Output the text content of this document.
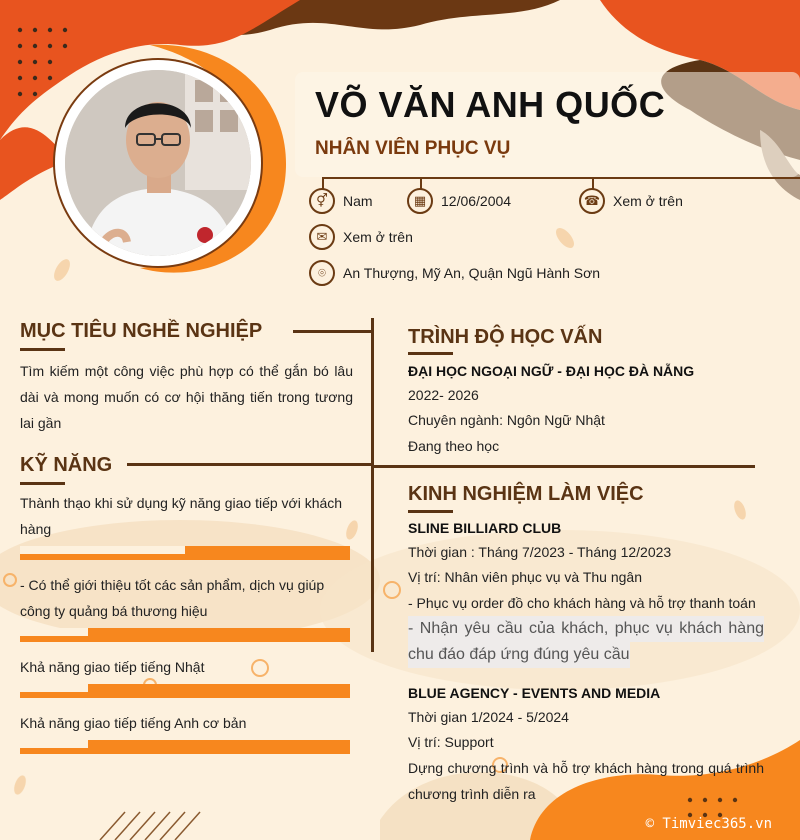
VÕ VĂN ANH QUỐC
NHÂN VIÊN PHỤC VỤ
⚥	Nam	▦	12/06/2004	☎ Xem ở trên
✉	Xem ở trên
⌾	An Thượng, Mỹ An, Quận Ngũ Hành Sơn
MỤC TIÊU NGHỀ NGHIỆP
Tìm kiếm một công việc phù hợp có thể gắn bó lâu dài và mong muốn có cơ hội thăng tiến trong tương lai gần
KỸ NĂNG
Thành thạo khi sử dụng kỹ năng giao tiếp với khách
hàng
- Có thể giới thiệu tốt các sản phẩm, dịch vụ giúp
công ty quảng bá thương hiệu
Khả năng giao tiếp tiếng Nhật
Khả năng giao tiếp tiếng Anh cơ bản
TRÌNH ĐỘ HỌC VẤN
ĐẠI HỌC NGOẠI NGỮ - ĐẠI HỌC ĐÀ NẴNG
2022- 2026
Chuyên ngành: Ngôn Ngữ Nhật
Đang theo học
KINH NGHIỆM LÀM VIỆC
SLINE BILLIARD CLUB
Thời gian : Tháng 7/2023 - Tháng 12/2023
Vị trí: Nhân viên phục vụ và Thu ngân
- Phục vụ order đồ cho khách hàng và hỗ trợ thanh toán
- Nhận yêu cầu của khách, phục vụ khách hàng
chu đáo đáp ứng đúng yêu cầu
BLUE AGENCY - EVENTS AND MEDIA
Thời gian 1/2024 - 5/2024
Vị trí: Support
Dựng chương trình và hỗ trợ khách hàng trong quá trình
chương trình diễn ra
© Timviec365.vn
